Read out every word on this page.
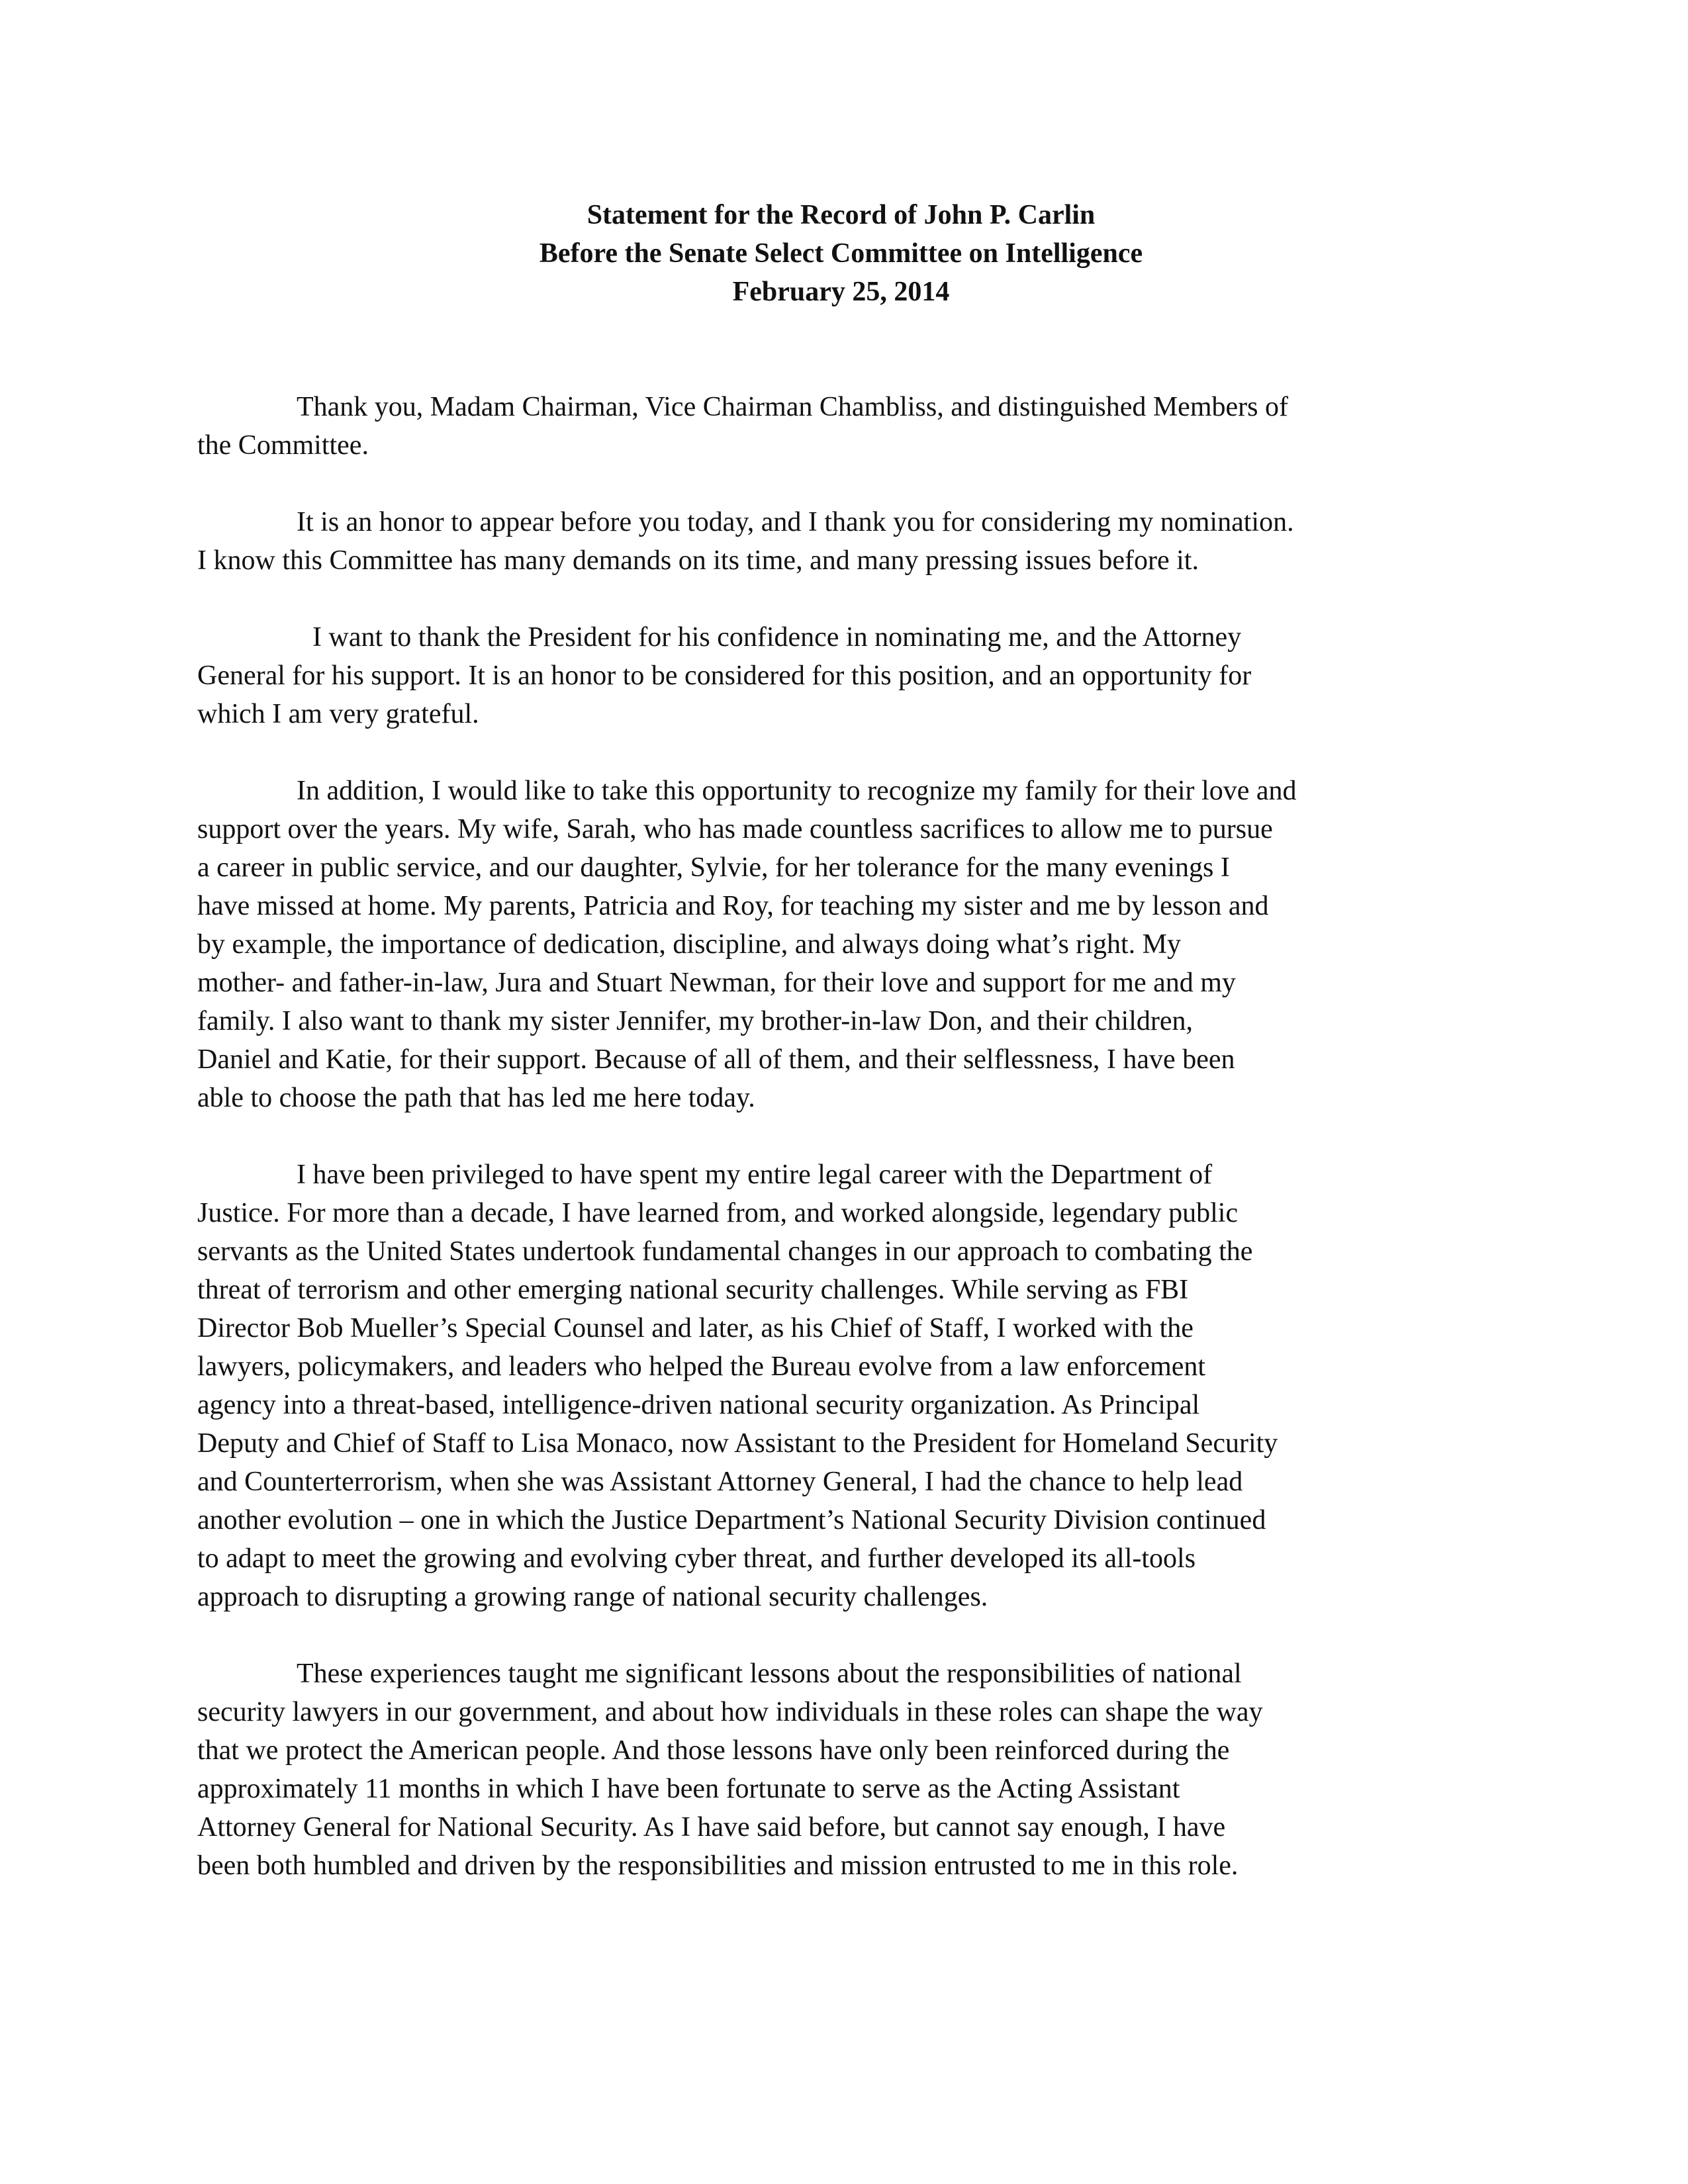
Statement for the Record of John P. Carlin
Before the Senate Select Committee on Intelligence
February 25, 2014

Thank you, Madam Chairman, Vice Chairman Chambliss, and distinguished Members of
the Committee.

It is an honor to appear before you today, and I thank you for considering my nomination.
I know this Committee has many demands on its time, and many pressing issues before it.

I want to thank the President for his confidence in nominating me, and the Attorney
General for his support. It is an honor to be considered for this position, and an opportunity for
which I am very grateful.

In addition, I would like to take this opportunity to recognize my family for their love and
support over the years. My wife, Sarah, who has made countless sacrifices to allow me to pursue
a career in public service, and our daughter, Sylvie, for her tolerance for the many evenings I
have missed at home. My parents, Patricia and Roy, for teaching my sister and me by lesson and
by example, the importance of dedication, discipline, and always doing what’s right. My
mother- and father-in-law, Jura and Stuart Newman, for their love and support for me and my
family. I also want to thank my sister Jennifer, my brother-in-law Don, and their children,
Daniel and Katie, for their support. Because of all of them, and their selflessness, I have been
able to choose the path that has led me here today.

I have been privileged to have spent my entire legal career with the Department of
Justice. For more than a decade, I have learned from, and worked alongside, legendary public
servants as the United States undertook fundamental changes in our approach to combating the
threat of terrorism and other emerging national security challenges. While serving as FBI
Director Bob Mueller’s Special Counsel and later, as his Chief of Staff, I worked with the
lawyers, policymakers, and leaders who helped the Bureau evolve from a law enforcement
agency into a threat-based, intelligence-driven national security organization. As Principal
Deputy and Chief of Staff to Lisa Monaco, now Assistant to the President for Homeland Security
and Counterterrorism, when she was Assistant Attorney General, I had the chance to help lead
another evolution – one in which the Justice Department’s National Security Division continued
to adapt to meet the growing and evolving cyber threat, and further developed its all-tools
approach to disrupting a growing range of national security challenges.

These experiences taught me significant lessons about the responsibilities of national
security lawyers in our government, and about how individuals in these roles can shape the way
that we protect the American people. And those lessons have only been reinforced during the
approximately 11 months in which I have been fortunate to serve as the Acting Assistant
Attorney General for National Security. As I have said before, but cannot say enough, I have
been both humbled and driven by the responsibilities and mission entrusted to me in this role.
